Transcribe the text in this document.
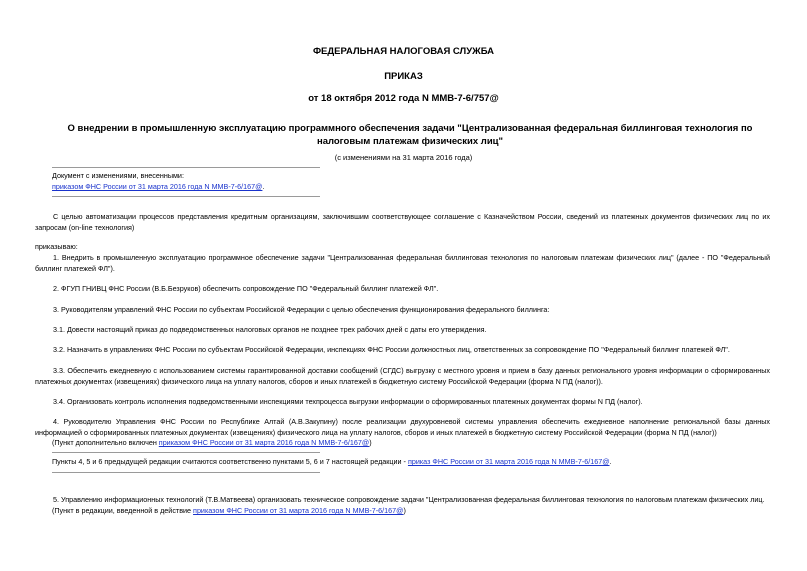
ФЕДЕРАЛЬНАЯ НАЛОГОВАЯ СЛУЖБА
ПРИКАЗ
от 18 октября 2012 года N ММВ-7-6/757@
О внедрении в промышленную эксплуатацию программного обеспечения задачи "Централизованная федеральная биллинговая технология по налоговым платежам физических лиц"
(с изменениями на 31 марта 2016 года)
Документ с изменениями, внесенными:
приказом ФНС России от 31 марта 2016 года N ММВ-7-6/167@.
С целью автоматизации процессов представления кредитным организациям, заключившим соответствующее соглашение с Казначейством России, сведений из платежных документов физических лиц по их запросам (on-line технология)
приказываю:
1. Внедрить в промышленную эксплуатацию программное обеспечение задачи "Централизованная федеральная биллинговая технология по налоговым платежам физических лиц" (далее - ПО "Федеральный биллинг платежей ФЛ").
2. ФГУП ГНИВЦ ФНС России (В.Б.Безруков) обеспечить сопровождение ПО "Федеральный биллинг платежей ФЛ".
3. Руководителям управлений ФНС России по субъектам Российской Федерации с целью обеспечения функционирования федерального биллинга:
3.1. Довести настоящий приказ до подведомственных налоговых органов не позднее трех рабочих дней с даты его утверждения.
3.2. Назначить в управлениях ФНС России по субъектам Российской Федерации, инспекциях ФНС России должностных лиц, ответственных за сопровождение ПО "Федеральный биллинг платежей ФЛ".
3.3. Обеспечить ежедневную с использованием системы гарантированной доставки сообщений (СГДС) выгрузку с местного уровня и прием в базу данных регионального уровня информации о сформированных платежных документах (извещениях) физического лица на уплату налогов, сборов и иных платежей в бюджетную систему Российской Федерации (форма N ПД (налог)).
3.4. Организовать контроль исполнения подведомственными инспекциями техпроцесса выгрузки информации о сформированных платежных документах формы N ПД (налог).
4. Руководителю Управления ФНС России по Республике Алтай (А.В.Закупину) после реализации двухуровневой системы управления обеспечить ежедневное наполнение региональной базы данных информацией о сформированных платежных документах (извещениях) физического лица на уплату налогов, сборов и иных платежей в бюджетную систему Российской Федерации (форма N ПД (налог))
(Пункт дополнительно включен приказом ФНС России от 31 марта 2016 года N ММВ-7-6/167@)
Пункты 4, 5 и 6 предыдущей редакции считаются соответственно пунктами 5, 6 и 7 настоящей редакции - приказ ФНС России от 31 марта 2016 года N ММВ-7-6/167@.
5. Управлению информационных технологий (Т.В.Матвеева) организовать техническое сопровождение задачи "Централизованная федеральная биллинговая технология по налоговым платежам физических лиц.
(Пункт в редакции, введенной в действие приказом ФНС России от 31 марта 2016 года N ММВ-7-6/167@)
